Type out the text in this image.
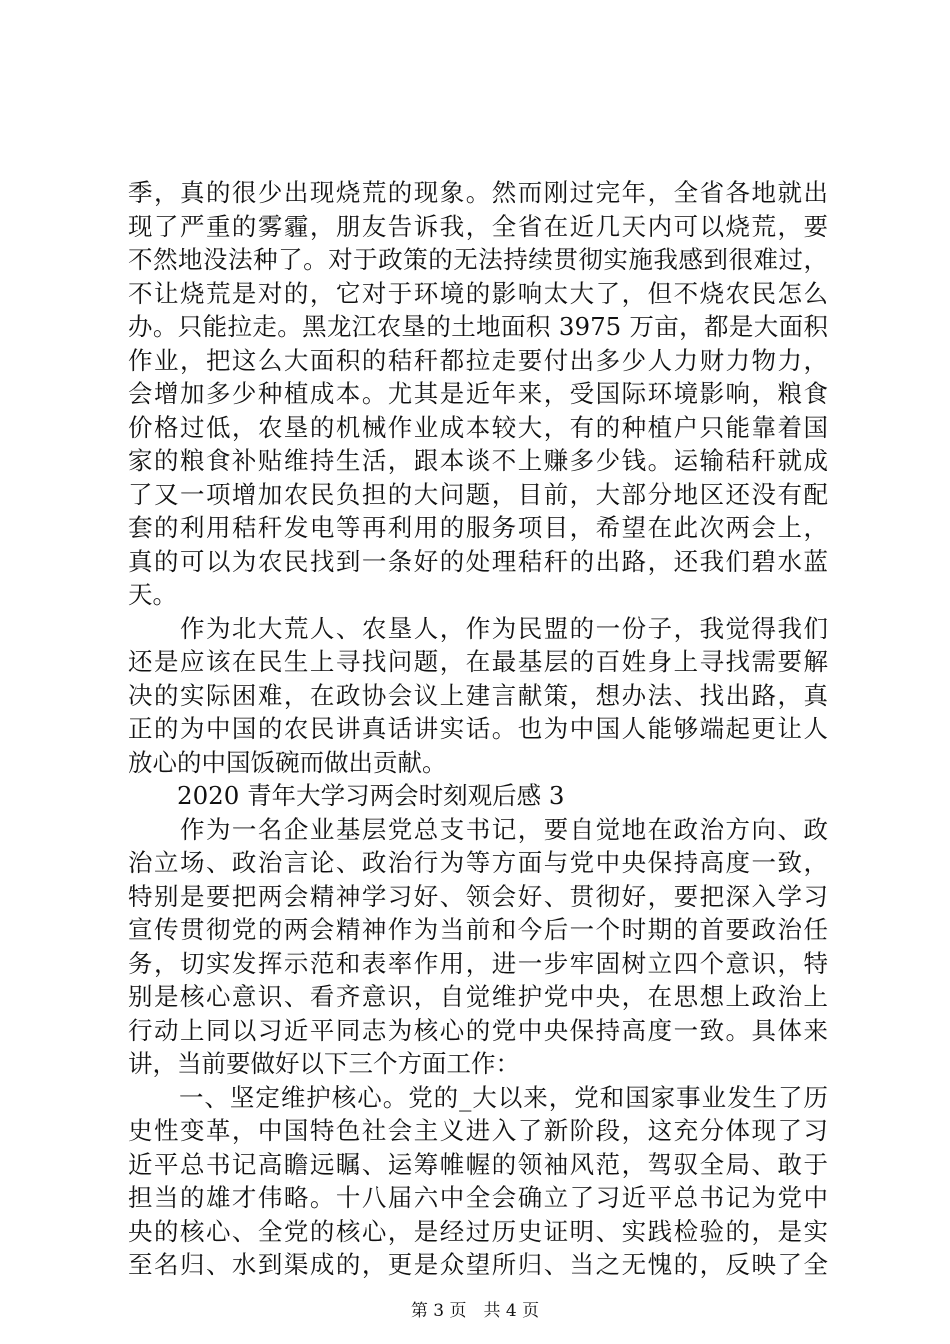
季，真的很少出现烧荒的现象。然而刚过完年，全省各地就出
现了严重的雾霾，朋友告诉我，全省在近几天内可以烧荒，要
不然地没法种了。对于政策的无法持续贯彻实施我感到很难过，
不让烧荒是对的，它对于环境的影响太大了，但不烧农民怎么
办。只能拉走。黑龙江农垦的土地面积 3975 万亩，都是大面积
作业，把这么大面积的秸秆都拉走要付出多少人力财力物力，
会增加多少种植成本。尤其是近年来，受国际环境影响，粮食
价格过低，农垦的机械作业成本较大，有的种植户只能靠着国
家的粮食补贴维持生活，跟本谈不上赚多少钱。运输秸秆就成
了又一项增加农民负担的大问题，目前，大部分地区还没有配
套的利用秸秆发电等再利用的服务项目，希望在此次两会上，
真的可以为农民找到一条好的处理秸秆的出路，还我们碧水蓝
天。
　　作为北大荒人、农垦人，作为民盟的一份子，我觉得我们
还是应该在民生上寻找问题，在最基层的百姓身上寻找需要解
决的实际困难，在政协会议上建言献策，想办法、找出路，真
正的为中国的农民讲真话讲实话。也为中国人能够端起更让人
放心的中国饭碗而做出贡献。
　　2020 青年大学习两会时刻观后感 3
　　作为一名企业基层党总支书记，要自觉地在政治方向、政
治立场、政治言论、政治行为等方面与党中央保持高度一致，
特别是要把两会精神学习好、领会好、贯彻好，要把深入学习
宣传贯彻党的两会精神作为当前和今后一个时期的首要政治任
务，切实发挥示范和表率作用，进一步牢固树立四个意识，特
别是核心意识、看齐意识，自觉维护党中央，在思想上政治上
行动上同以习近平同志为核心的党中央保持高度一致。具体来
讲，当前要做好以下三个方面工作：
　　一、坚定维护核心。党的_大以来，党和国家事业发生了历
史性变革，中国特色社会主义进入了新阶段，这充分体现了习
近平总书记高瞻远瞩、运筹帷幄的领袖风范，驾驭全局、敢于
担当的雄才伟略。十八届六中全会确立了习近平总书记为党中
央的核心、全党的核心，是经过历史证明、实践检验的，是实
至名归、水到渠成的，更是众望所归、当之无愧的，反映了全
第 3 页　共 4 页
